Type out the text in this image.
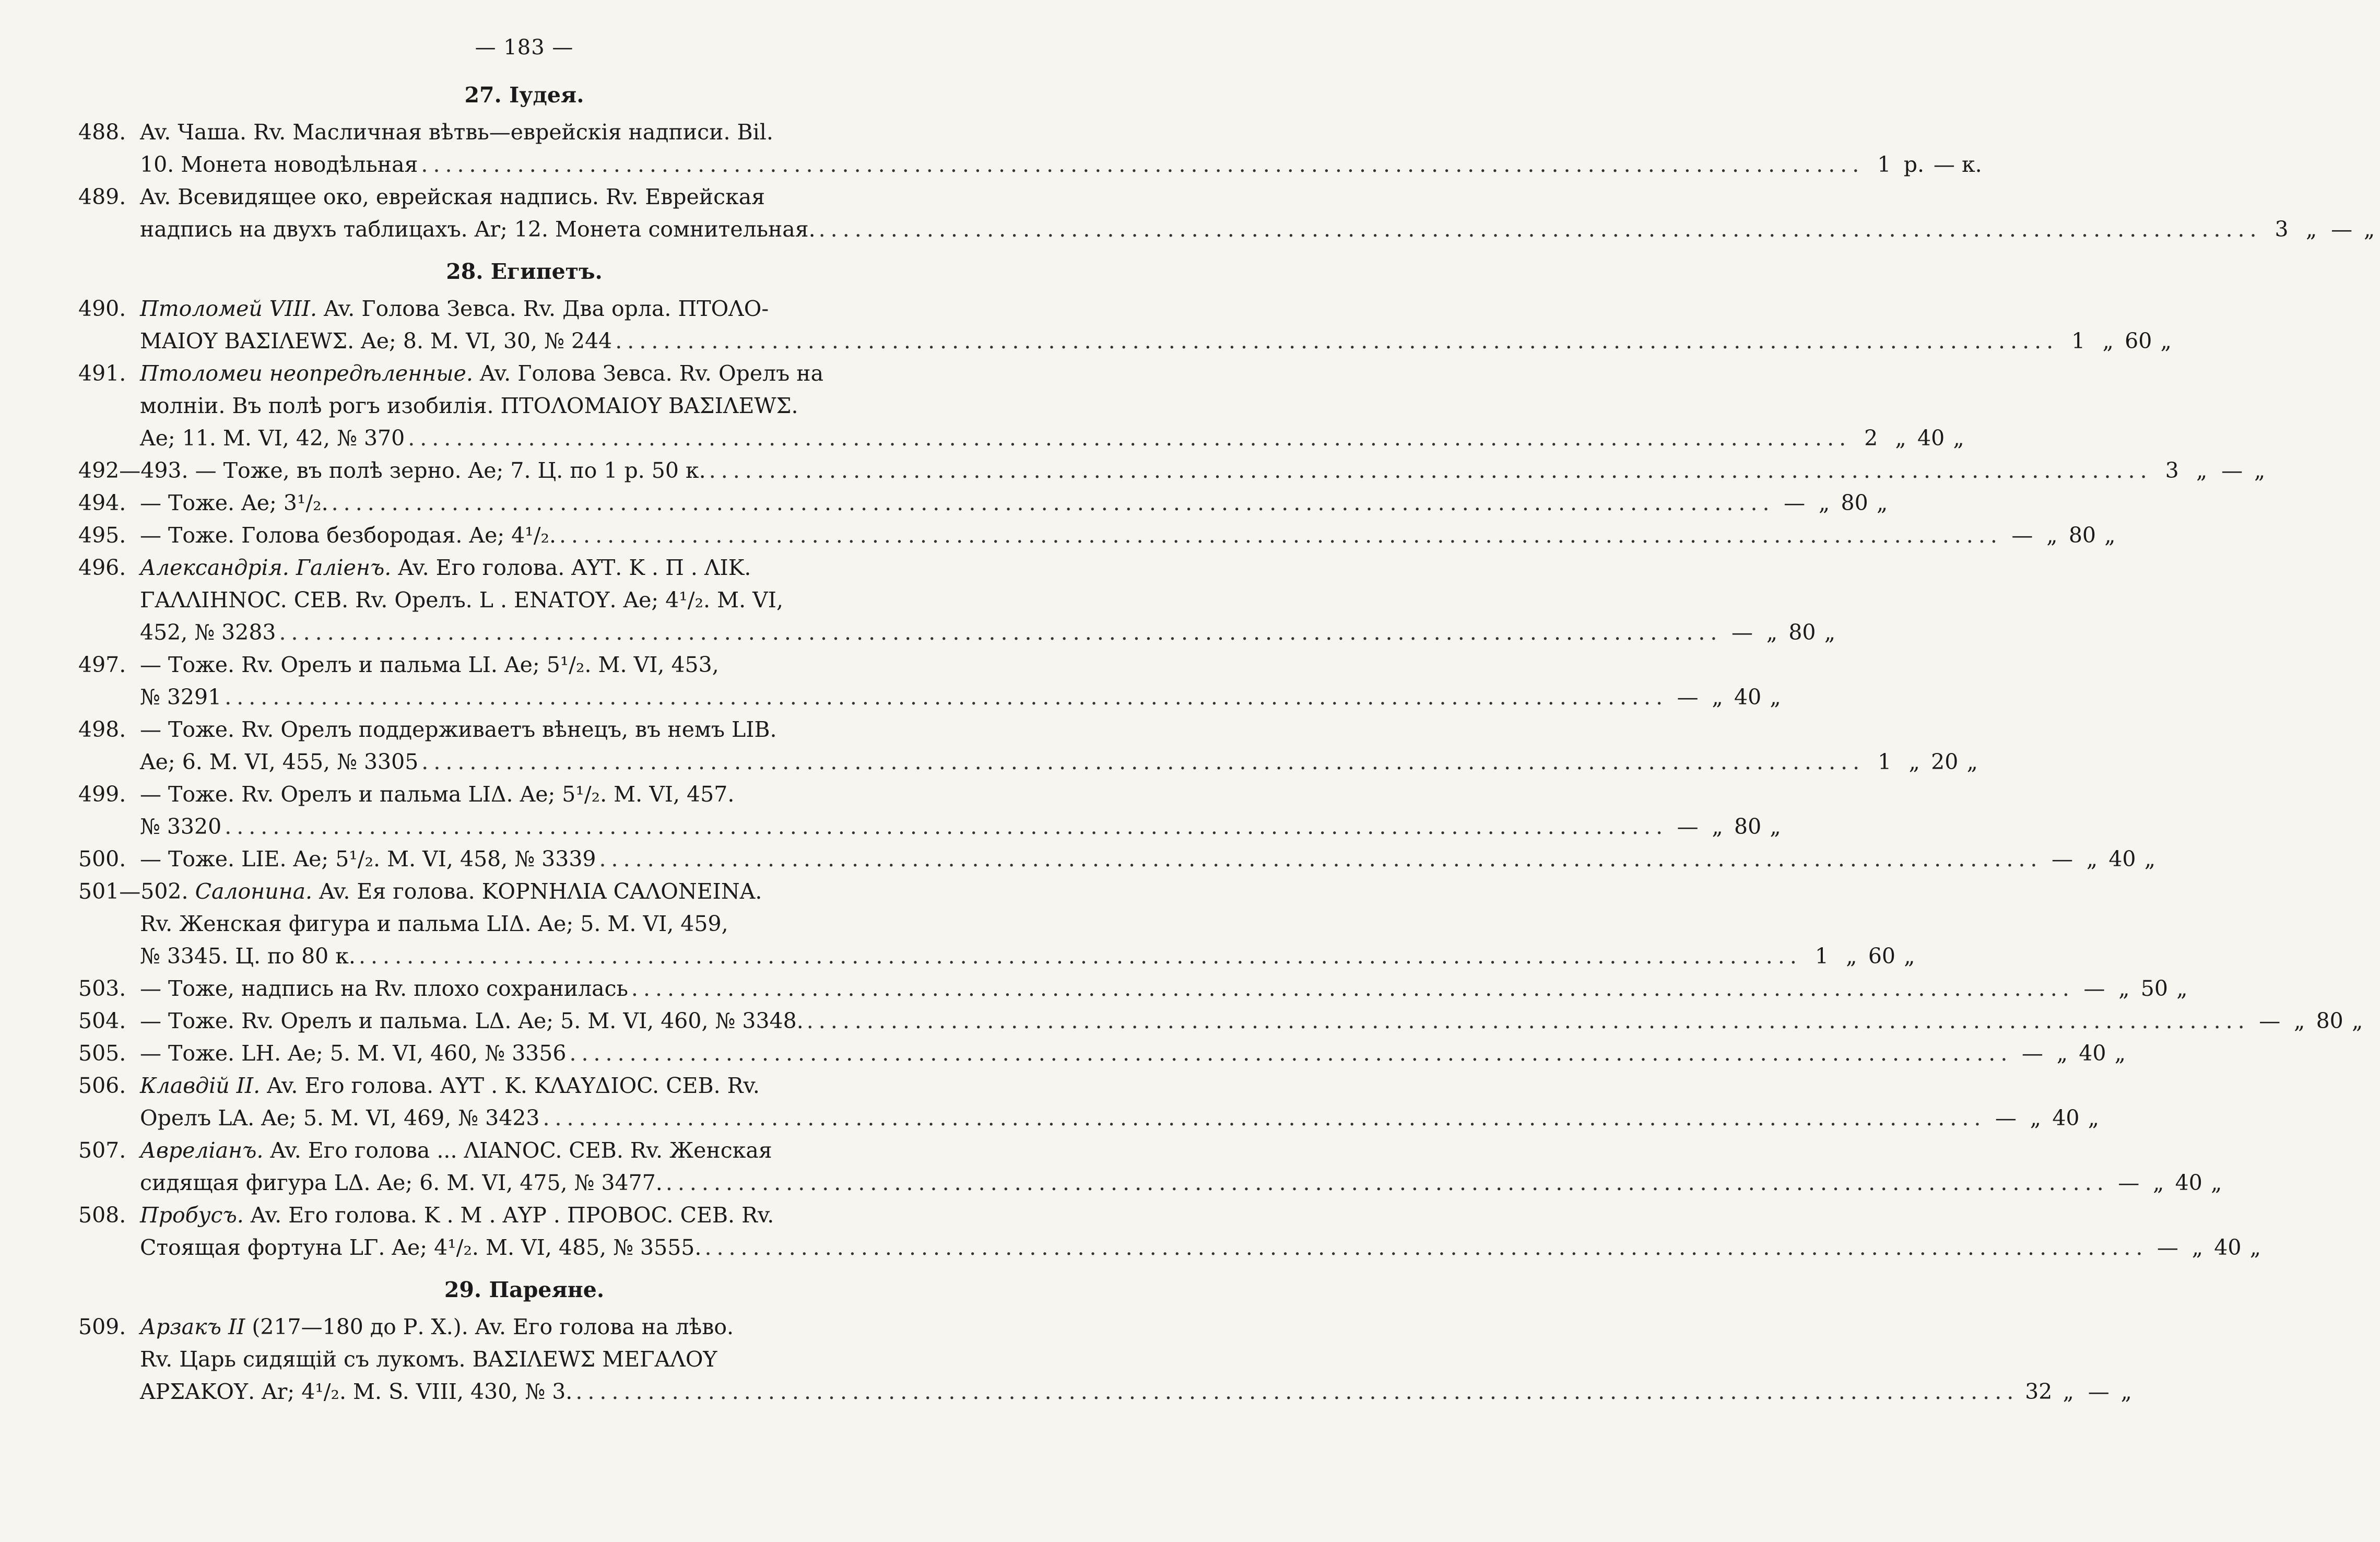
— 183 —
27. Іудея.
488. Av. Чаша. Rv. Масличная вѣтвь—еврейскія надписи. Bil.
10. Монета новодѣльная ........................................................................................................................ 1 р. — к.
489. Av. Всевидящее око, еврейская надпись. Rv. Еврейская
надпись на двухъ таблицахъ. Ar; 12. Монета сомнительная. ........................................................................................................................ 3 „ — „
28. Египетъ.
490. Птоломей VIII. Av. Голова Зевса. Rv. Два орла. ΠΤΟΛΟ-
ΜΑΙΟΥ ΒΑΣΙΛΕWΣ. Ae; 8. M. VI, 30, № 244 ........................................................................................................................ 1 „ 60 „
491. Птоломеи неопредѣленные. Av. Голова Зевса. Rv. Орелъ на
молніи. Въ полѣ рогъ изобилія. ΠΤΟΛΟΜΑΙΟΥ ΒΑΣΙΛΕWΣ.
Ae; 11. M. VI, 42, № 370 ........................................................................................................................ 2 „ 40 „
492—493. — Тоже, въ полѣ зерно. Ae; 7. Ц. по 1 р. 50 к. ........................................................................................................................ 3 „ — „
494. — Тоже. Ae; 3¹/₂. ........................................................................................................................ — „ 80 „
495. — Тоже. Голова безбородая. Ae; 4¹/₂. ........................................................................................................................ — „ 80 „
496. Александрія. Галіенъ. Av. Его голова. ΑΥΤ. Κ . Π . ΛΙΚ.
ΓΑΛΛΙΗΝΟC. CEB. Rv. Орелъ. L . ΕΝΑΤΟΥ. Ae; 4¹/₂. M. VI,
452, № 3283 ........................................................................................................................ — „ 80 „
497. — Тоже. Rv. Орелъ и пальма LI. Ae; 5¹/₂. M. VI, 453,
№ 3291 ........................................................................................................................ — „ 40 „
498. — Тоже. Rv. Орелъ поддерживаетъ вѣнецъ, въ немъ LIB.
Ae; 6. M. VI, 455, № 3305 ........................................................................................................................ 1 „ 20 „
499. — Тоже. Rv. Орелъ и пальма LIΔ. Ae; 5¹/₂. M. VI, 457.
№ 3320 ........................................................................................................................ — „ 80 „
500. — Тоже. LIE. Ae; 5¹/₂. M. VI, 458, № 3339 ........................................................................................................................ — „ 40 „
501—502. Салонина. Av. Ея голова. ΚΟΡΝΗΛΙΑ CΑΛΟΝΕΙΝΑ.
Rv. Женская фигура и пальма LIΔ. Ae; 5. M. VI, 459,
№ 3345. Ц. по 80 к. ........................................................................................................................ 1 „ 60 „
503. — Тоже, надпись на Rv. плохо сохранилась ........................................................................................................................ — „ 50 „
504. — Тоже. Rv. Орелъ и пальма. LΔ. Ae; 5. M. VI, 460, № 3348. ........................................................................................................................ — „ 80 „
505. — Тоже. LH. Ae; 5. M. VI, 460, № 3356 ........................................................................................................................ — „ 40 „
506. Клавдій II. Av. Его голова. ΑΥΤ . Κ. ΚΛΑΥΔΙΟC. CEB. Rv.
Орелъ LA. Ae; 5. M. VI, 469, № 3423 ........................................................................................................................ — „ 40 „
507. Авреліанъ. Av. Его голова ... ΛΙΑΝΟC. CEB. Rv. Женская
сидящая фигура LΔ. Ae; 6. M. VI, 475, № 3477. ........................................................................................................................ — „ 40 „
508. Пробусъ. Av. Его голова. Κ . Μ . ΑΥΡ . ΠΡΟΒΟC. CEB. Rv.
Стоящая фортуна LΓ. Ae; 4¹/₂. M. VI, 485, № 3555. ........................................................................................................................ — „ 40 „
29. Пареяне.
509. Арзакъ II (217—180 до Р. Х.). Av. Его голова на лѣво.
Rv. Царь сидящій съ лукомъ. ΒΑΣΙΛΕWΣ ΜΕΓΑΛΟΥ
ΑΡΣΑΚΟΥ. Ar; 4¹/₂. M. S. VIII, 430, № 3. ........................................................................................................................ 32 „ — „
